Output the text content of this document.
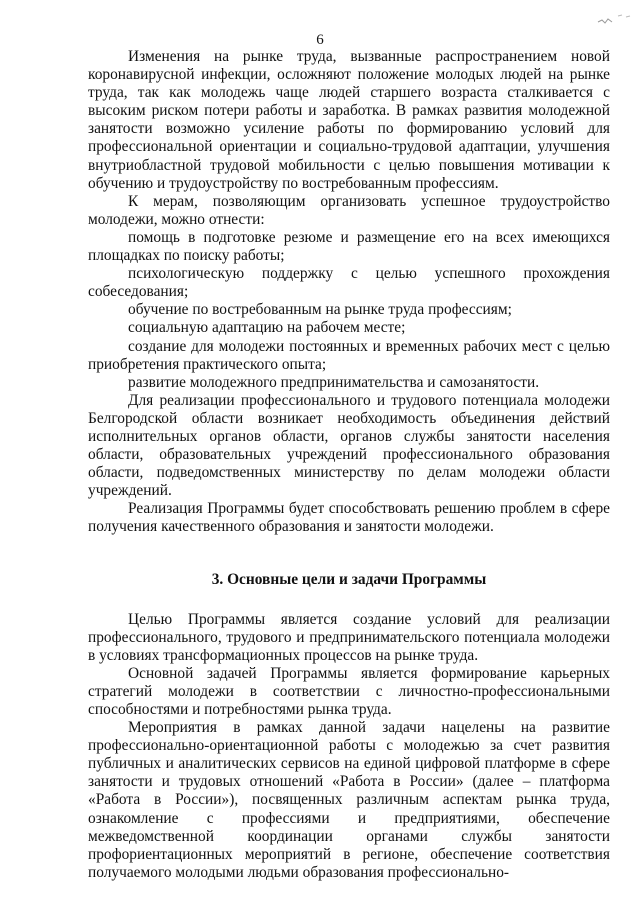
6

Изменения на рынке труда, вызванные распространением новой коронавирусной инфекции, осложняют положение молодых людей на рынке труда, так как молодежь чаще людей старшего возраста сталкивается с высоким риском потери работы и заработка. В рамках развития молодежной занятости возможно усиление работы по формированию условий для профессиональной ориентации и социально-трудовой адаптации, улучшения внутриобластной трудовой мобильности с целью повышения мотивации к обучению и трудоустройству по востребованным профессиям.

К мерам, позволяющим организовать успешное трудоустройство молодежи, можно отнести:

помощь в подготовке резюме и размещение его на всех имеющихся площадках по поиску работы;

психологическую поддержку с целью успешного прохождения собеседования;

обучение по востребованным на рынке труда профессиям;

социальную адаптацию на рабочем месте;

создание для молодежи постоянных и временных рабочих мест с целью приобретения практического опыта;

развитие молодежного предпринимательства и самозанятости.

Для реализации профессионального и трудового потенциала молодежи Белгородской области возникает необходимость объединения действий исполнительных органов области, органов службы занятости населения области, образовательных учреждений профессионального образования области, подведомственных министерству по делам молодежи области учреждений.

Реализация Программы будет способствовать решению проблем в сфере получения качественного образования и занятости молодежи.

3. Основные цели и задачи Программы

Целью Программы является создание условий для реализации профессионального, трудового и предпринимательского потенциала молодежи в условиях трансформационных процессов на рынке труда.

Основной задачей Программы является формирование карьерных стратегий молодежи в соответствии с личностно-профессиональными способностями и потребностями рынка труда.

Мероприятия в рамках данной задачи нацелены на развитие профессионально-ориентационной работы с молодежью за счет развития публичных и аналитических сервисов на единой цифровой платформе в сфере занятости и трудовых отношений «Работа в России» (далее – платформа «Работа в России»), посвященных различным аспектам рынка труда, ознакомление с профессиями и предприятиями, обеспечение межведомственной координации органами службы занятости профориентационных мероприятий в регионе, обеспечение соответствия получаемого молодыми людьми образования профессионально-
